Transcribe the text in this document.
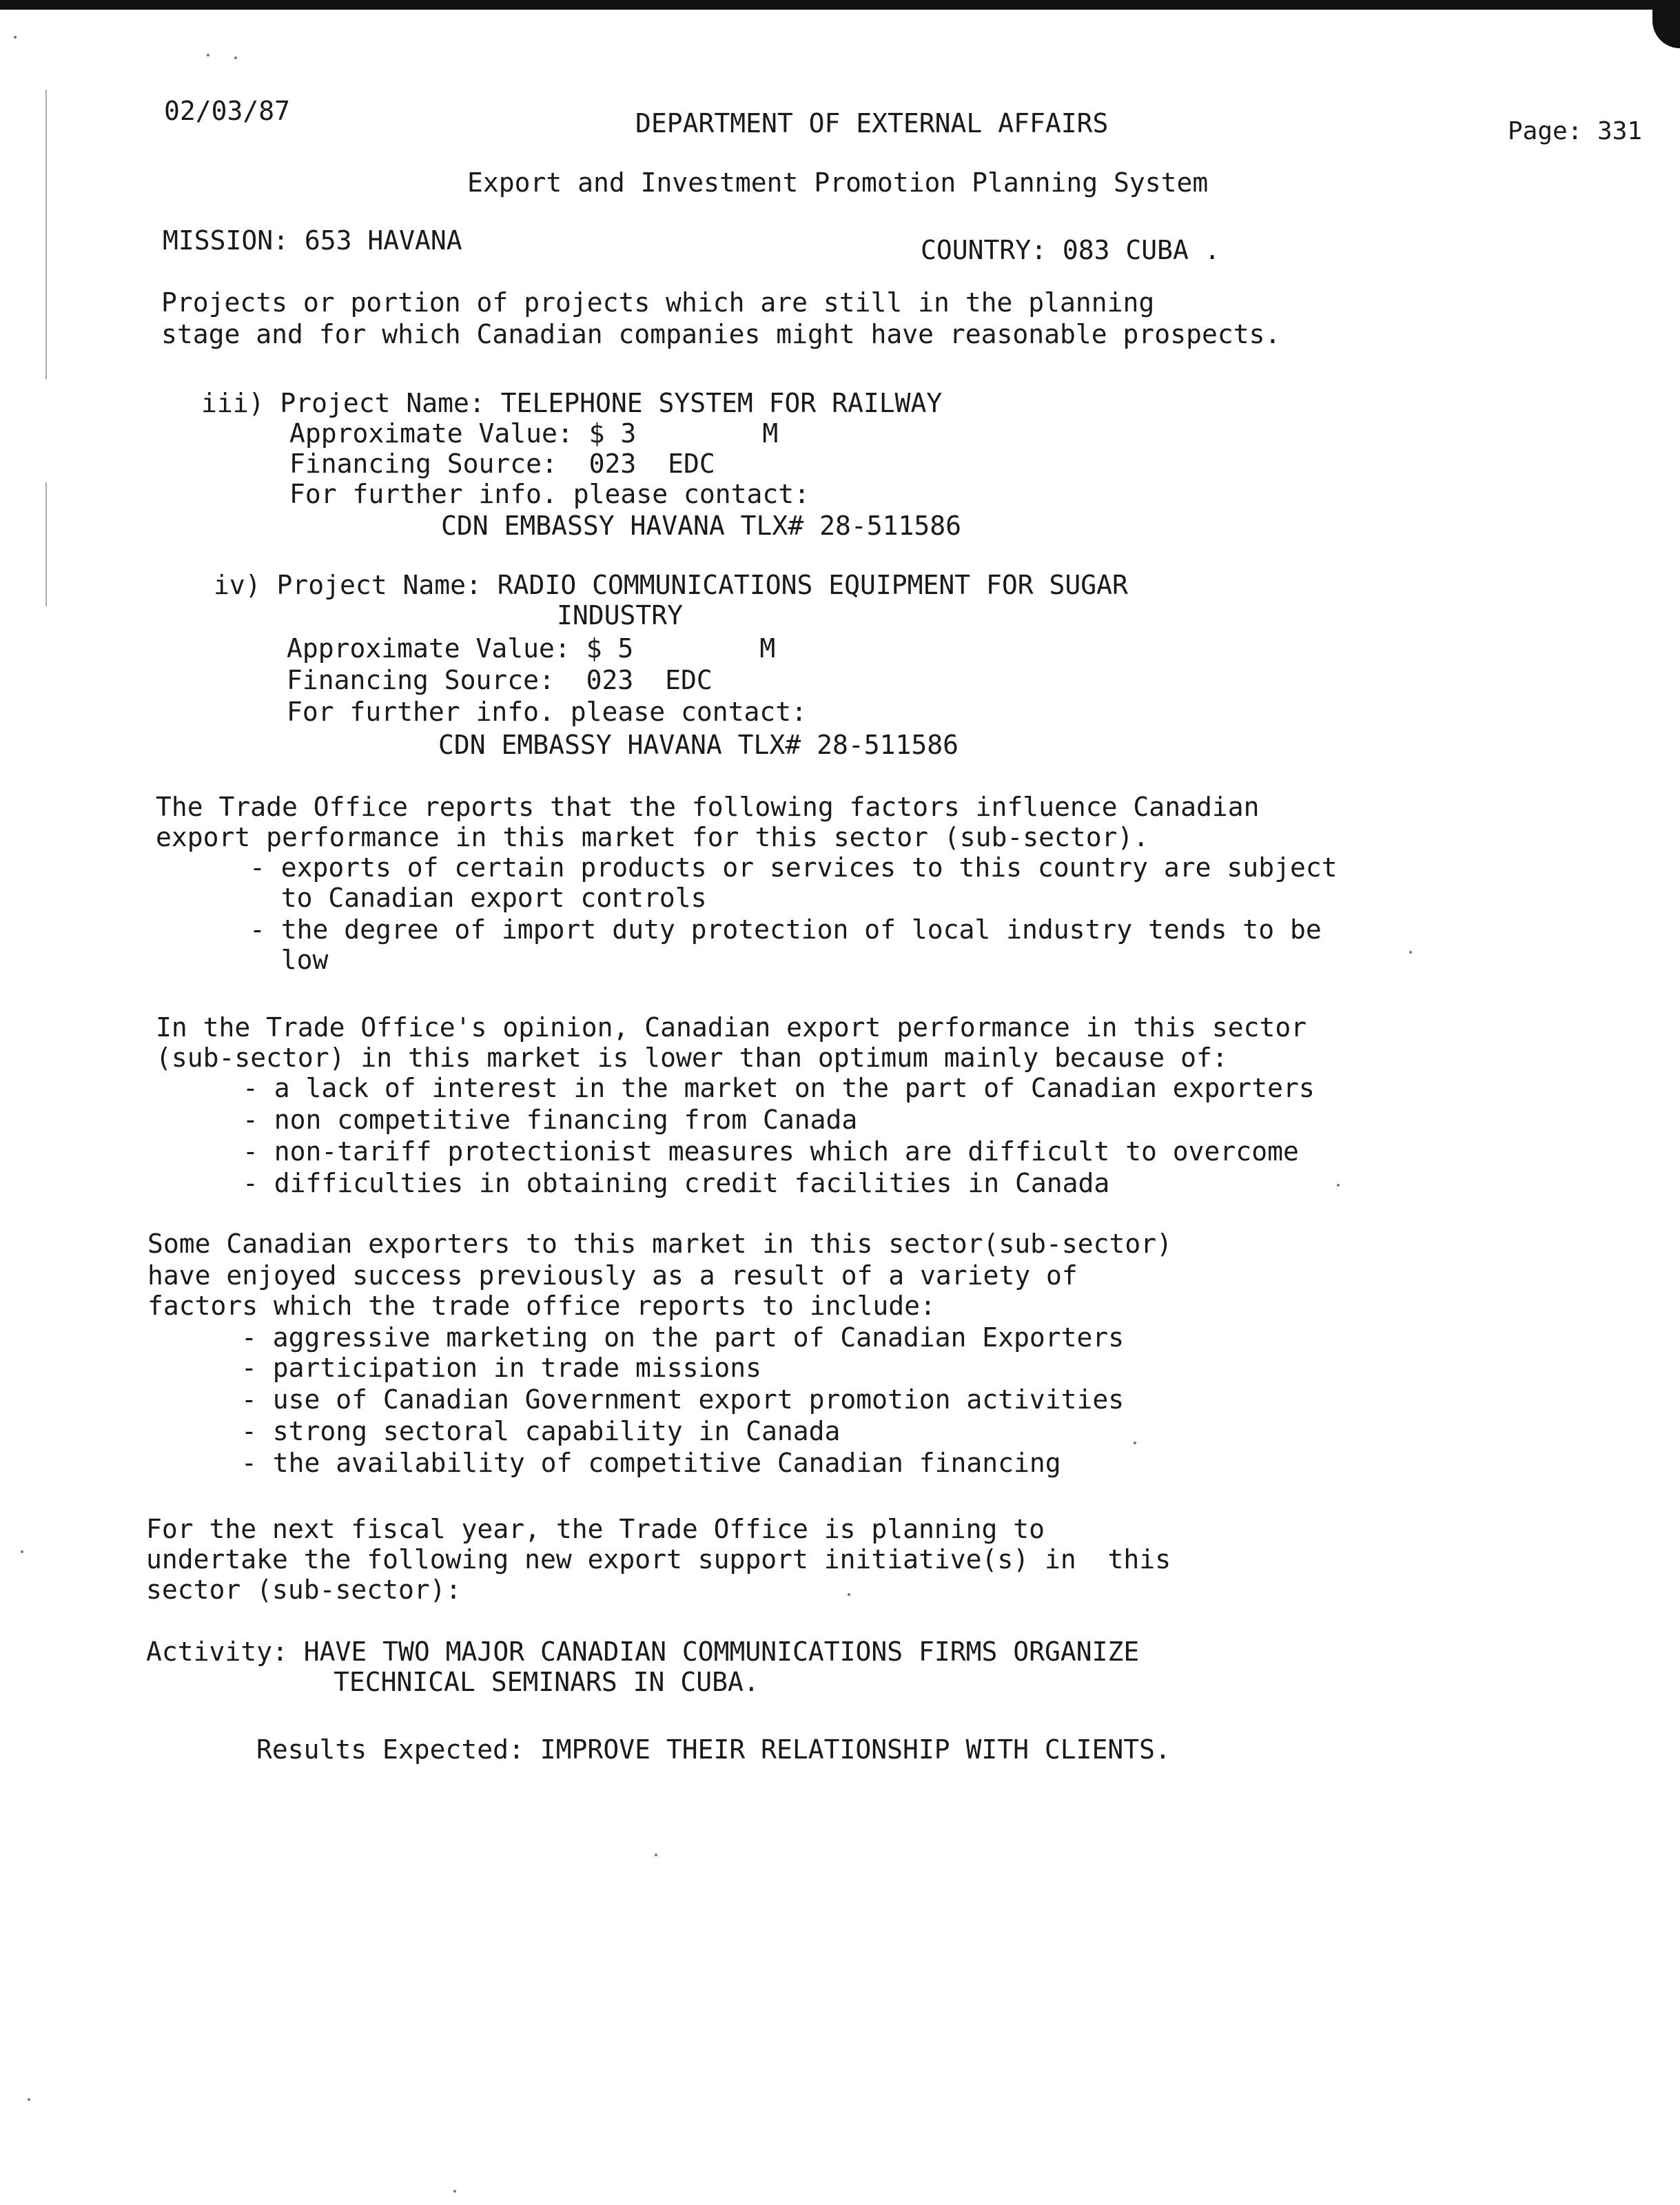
02/03/87	DEPARTMENT OF EXTERNAL AFFAIRS	Page: 331
Export and Investment Promotion Planning System
MISSION: 653 HAVANA	COUNTRY: 083 CUBA .
Projects or portion of projects which are still in the planning
stage and for which Canadian companies might have reasonable prospects.
iii) Project Name: TELEPHONE SYSTEM FOR RAILWAY
Approximate Value: $ 3        M
Financing Source:  023  EDC
For further info. please contact:
CDN EMBASSY HAVANA TLX# 28-511586
iv) Project Name: RADIO COMMUNICATIONS EQUIPMENT FOR SUGAR
INDUSTRY
Approximate Value: $ 5        M
Financing Source:  023  EDC
For further info. please contact:
CDN EMBASSY HAVANA TLX# 28-511586
The Trade Office reports that the following factors influence Canadian
export performance in this market for this sector (sub-sector).
- exports of certain products or services to this country are subject
to Canadian export controls
- the degree of import duty protection of local industry tends to be
low
In the Trade Office's opinion, Canadian export performance in this sector
(sub-sector) in this market is lower than optimum mainly because of:
- a lack of interest in the market on the part of Canadian exporters
- non competitive financing from Canada
- non-tariff protectionist measures which are difficult to overcome
- difficulties in obtaining credit facilities in Canada
Some Canadian exporters to this market in this sector(sub-sector)
have enjoyed success previously as a result of a variety of
factors which the trade office reports to include:
- aggressive marketing on the part of Canadian Exporters
- participation in trade missions
- use of Canadian Government export promotion activities
- strong sectoral capability in Canada
- the availability of competitive Canadian financing
For the next fiscal year, the Trade Office is planning to
undertake the following new export support initiative(s) in  this
sector (sub-sector):
Activity: HAVE TWO MAJOR CANADIAN COMMUNICATIONS FIRMS ORGANIZE
TECHNICAL SEMINARS IN CUBA.
Results Expected: IMPROVE THEIR RELATIONSHIP WITH CLIENTS.
